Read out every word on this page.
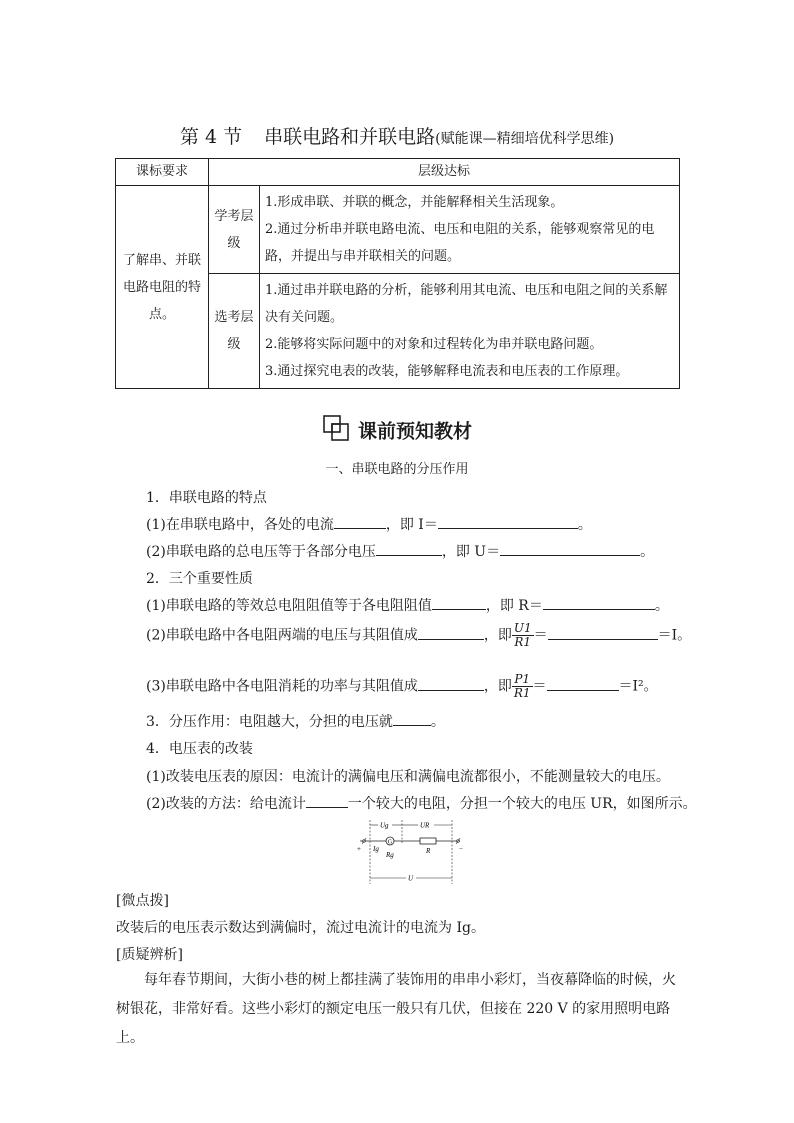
第 4 节 串联电路和并联电路(赋能课—精细培优科学思维)
课标要求	层级达标	
了解串、并联电路电阻的特点。	学考层级	1.形成串联、并联的概念，并能解释相关生活现象。
2.通过分析串并联电路电流、电压和电阻的关系，能够观察常见的电路，并提出与串并联相关的问题。

	选考层级	1.通过串并联电路的分析，能够利用其电流、电压和电阻之间的关系解决有关问题。
2.能够将实际问题中的对象和过程转化为串并联电路问题。
3.通过探究电表的改装，能够解释电流表和电压表的工作原理。
课前预知教材
一、串联电路的分压作用
1．串联电路的特点
(1)在串联电路中，各处的电流	，即 I＝	。
(2)串联电路的总电压等于各部分电压	，即 U＝	。
2．三个重要性质
(1)串联电路的等效总电阻阻值等于各电阻阻值	，即 R＝	。
(2)串联电路中各电阻两端的电压与其阻值成	，即 $\frac{U1}{R1}$ ＝	＝I。
(3)串联电路中各电阻消耗的功率与其阻值成	，即 $\frac{P1}{R1}$ ＝	＝I²。
3．分压作用：电阻越大，分担的电压就	。
4．电压表的改装
(1)改装电压表的原因：电流计的满偏电压和满偏电流都很小，不能测量较大的电压。
(2)改装的方法：给电流计	一个较大的电阻，分担一个较大的电压 UR，如图所示。
Ug	UR
G
+	−
Ig
Rg	R
U
[微点拨]
改装后的电压表示数达到满偏时，流过电流计的电流为 Ig。
[质疑辨析]
每年春节期间，大街小巷的树上都挂满了装饰用的串串小彩灯，当夜幕降临的时候，火树银花，非常好看。这些小彩灯的额定电压一般只有几伏，但接在 220 V 的家用照明电路上。
